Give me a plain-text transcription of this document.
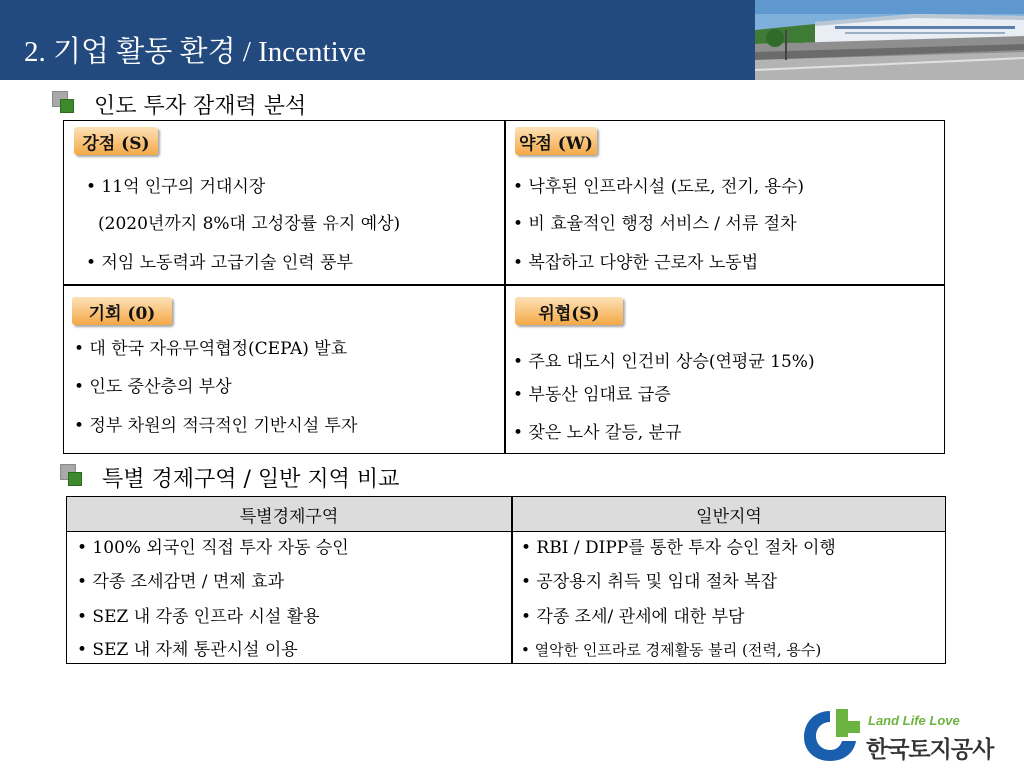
2. 기업 활동 환경 / Incentive
인도 투자 잠재력 분석
강점 (S)
• 11억 인구의 거대시장
(2020년까지 8%대 고성장률 유지 예상)
• 저임 노동력과 고급기술 인력 풍부
약점 (W)
• 낙후된 인프라시설 (도로, 전기, 용수)
• 비 효율적인 행정 서비스 / 서류 절차
• 복잡하고 다양한 근로자 노동법
기회 (0)
• 대 한국 자유무역협정(CEPA) 발효
• 인도 중산층의 부상
• 정부 차원의 적극적인 기반시설 투자
위협(S)
• 주요 대도시 인건비 상승(연평균 15%)
• 부동산 임대료 급증
• 잦은 노사 갈등, 분규
특별 경제구역 / 일반 지역 비교
특별경제구역	일반지역
• 100% 외국인 직접 투자 자동 승인
• 각종 조세감면 / 면제 효과
• SEZ 내 각종 인프라 시설 활용
• SEZ 내 자체 통관시설 이용
• RBI / DIPP를 통한 투자 승인 절차 이행
• 공장용지 취득 및 임대 절차 복잡
• 각종 조세/ 관세에 대한 부담
• 열악한 인프라로 경제활동 불리 (전력, 용수)
Land Life Love
한국토지공사
